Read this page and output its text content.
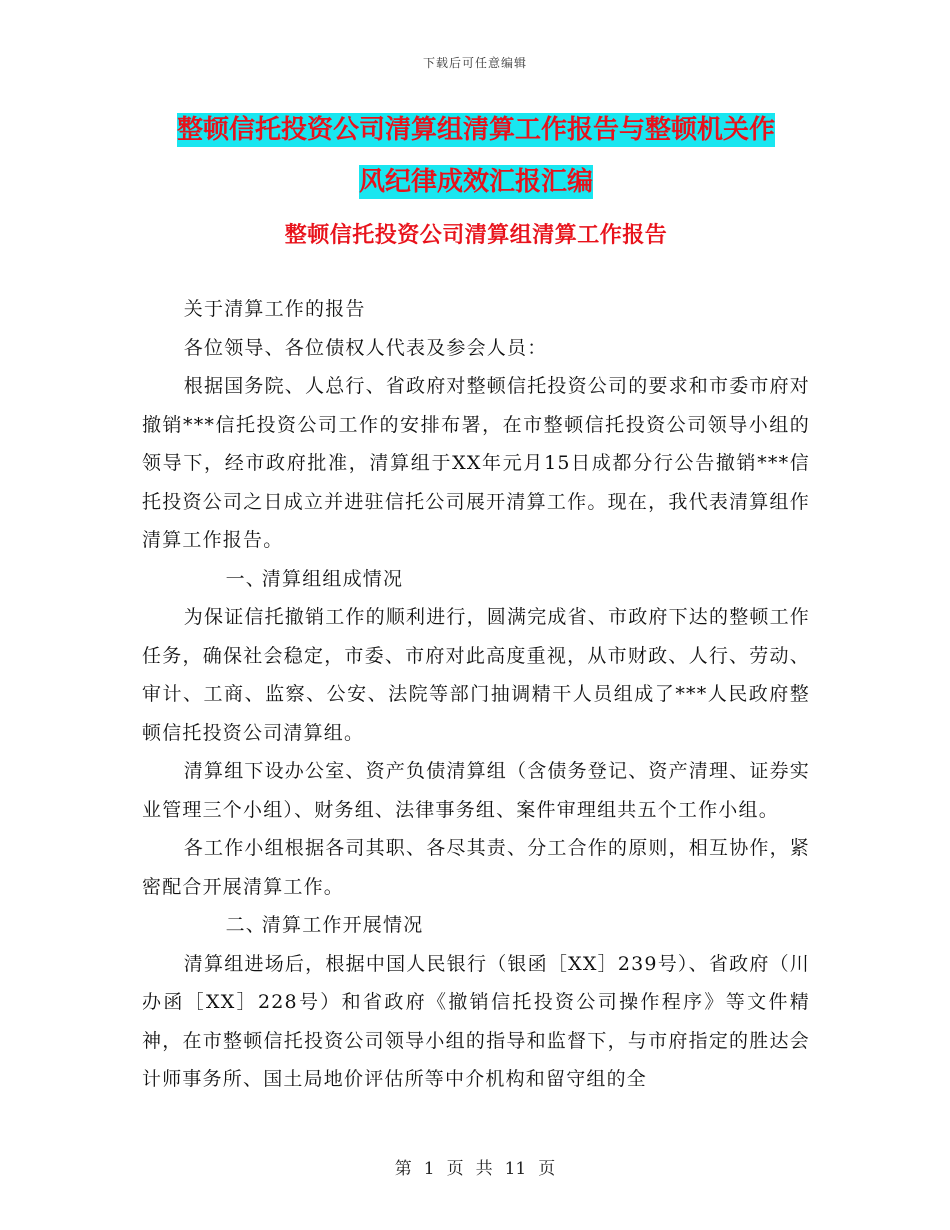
下载后可任意编辑
整顿信托投资公司清算组清算工作报告与整顿机关作
风纪律成效汇报汇编
整顿信托投资公司清算组清算工作报告

关于清算工作的报告

各位领导、各位债权人代表及参会人员：

根据国务院、人总行、省政府对整顿信托投资公司的要求和市委市府对撤销***信托投资公司工作的安排布署，在市整顿信托投资公司领导小组的领导下，经市政府批准，清算组于XX年元月15日成都分行公告撤销***信托投资公司之日成立并进驻信托公司展开清算工作。现在，我代表清算组作清算工作报告。

一、清算组组成情况

为保证信托撤销工作的顺利进行，圆满完成省、市政府下达的整顿工作任务，确保社会稳定，市委、市府对此高度重视，从市财政、人行、劳动、审计、工商、监察、公安、法院等部门抽调精干人员组成了***人民政府整顿信托投资公司清算组。

清算组下设办公室、资产负债清算组（含债务登记、资产清理、证券实业管理三个小组）、财务组、法律事务组、案件审理组共五个工作小组。

各工作小组根据各司其职、各尽其责、分工合作的原则，相互协作，紧密配合开展清算工作。

二、清算工作开展情况

清算组进场后，根据中国人民银行（银函［XX］239号）、省政府（川办函［XX］228号）和省政府《撤销信托投资公司操作程序》等文件精神，在市整顿信托投资公司领导小组的指导和监督下，与市府指定的胜达会计师事务所、国土局地价评估所等中介机构和留守组的全

第 1 页 共 11 页
